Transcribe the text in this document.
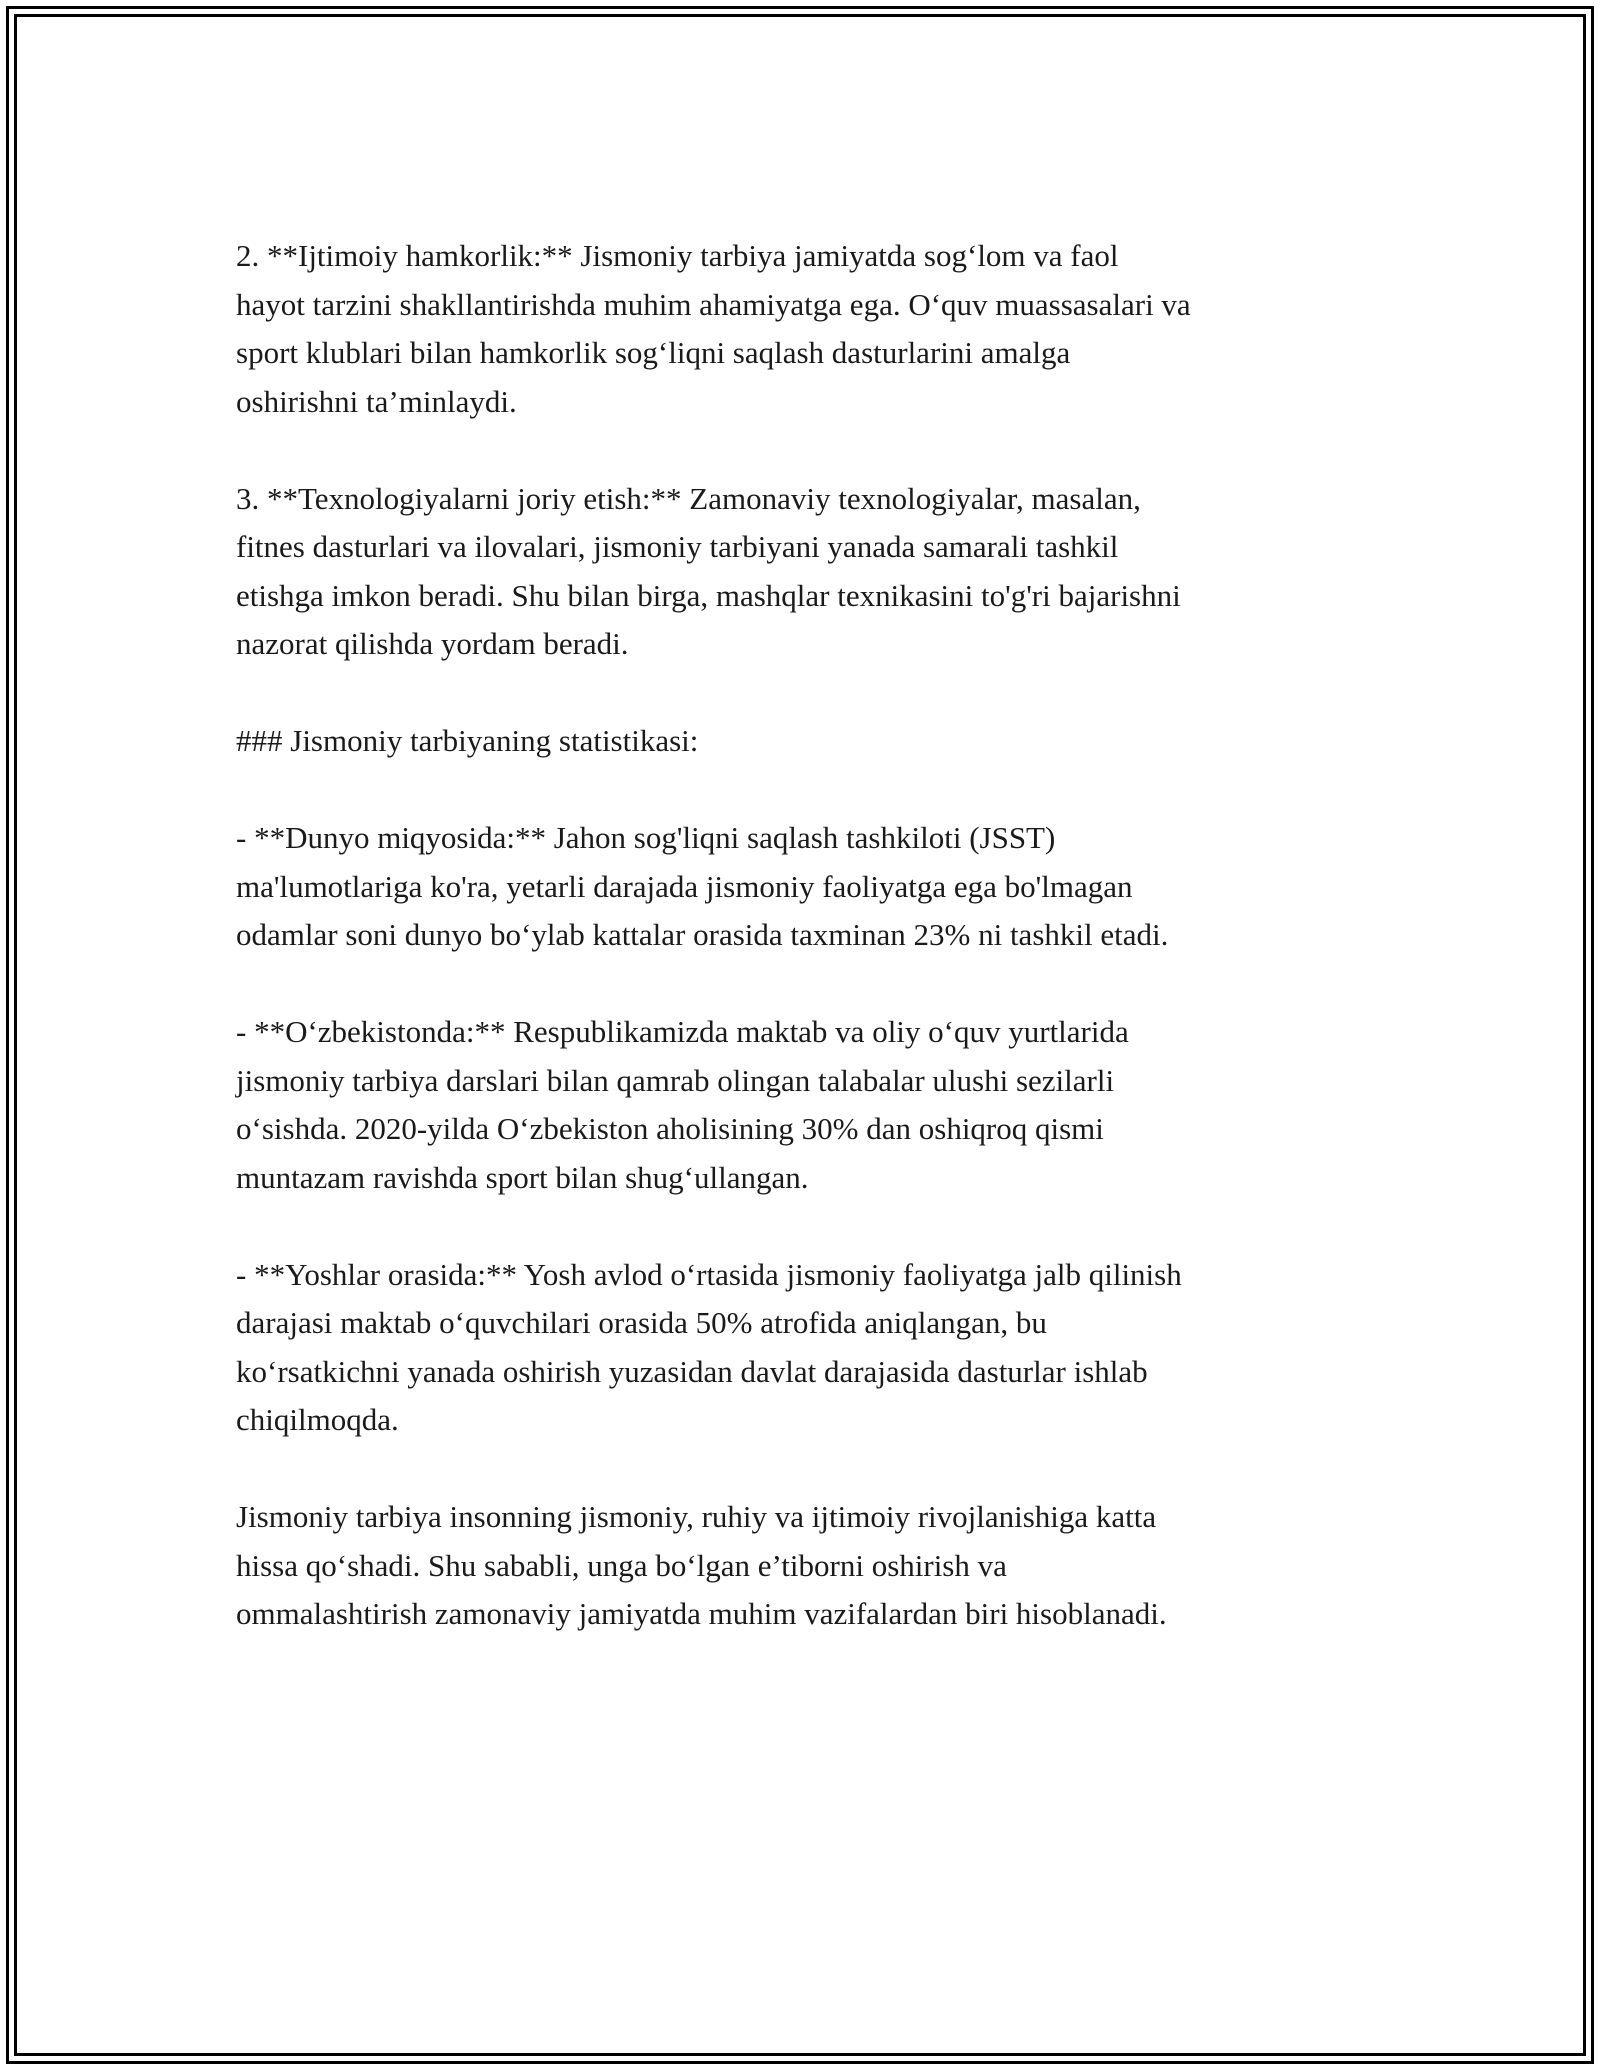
2. **Ijtimoiy hamkorlik:** Jismoniy tarbiya jamiyatda sog‘lom va faol
hayot tarzini shakllantirishda muhim ahamiyatga ega. O‘quv muassasalari va
sport klublari bilan hamkorlik sog‘liqni saqlash dasturlarini amalga
oshirishni ta’minlaydi.

3. **Texnologiyalarni joriy etish:** Zamonaviy texnologiyalar, masalan,
fitnes dasturlari va ilovalari, jismoniy tarbiyani yanada samarali tashkil
etishga imkon beradi. Shu bilan birga, mashqlar texnikasini to'g'ri bajarishni
nazorat qilishda yordam beradi.

### Jismoniy tarbiyaning statistikasi:

- **Dunyo miqyosida:** Jahon sog'liqni saqlash tashkiloti (JSST)
ma'lumotlariga ko'ra, yetarli darajada jismoniy faoliyatga ega bo'lmagan
odamlar soni dunyo bo‘ylab kattalar orasida taxminan 23% ni tashkil etadi.

- **O‘zbekistonda:** Respublikamizda maktab va oliy o‘quv yurtlarida
jismoniy tarbiya darslari bilan qamrab olingan talabalar ulushi sezilarli
o‘sishda. 2020-yilda O‘zbekiston aholisining 30% dan oshiqroq qismi
muntazam ravishda sport bilan shug‘ullangan.

- **Yoshlar orasida:** Yosh avlod o‘rtasida jismoniy faoliyatga jalb qilinish
darajasi maktab o‘quvchilari orasida 50% atrofida aniqlangan, bu
ko‘rsatkichni yanada oshirish yuzasidan davlat darajasida dasturlar ishlab
chiqilmoqda.

Jismoniy tarbiya insonning jismoniy, ruhiy va ijtimoiy rivojlanishiga katta
hissa qo‘shadi. Shu sababli, unga bo‘lgan e’tiborni oshirish va
ommalashtirish zamonaviy jamiyatda muhim vazifalardan biri hisoblanadi.
